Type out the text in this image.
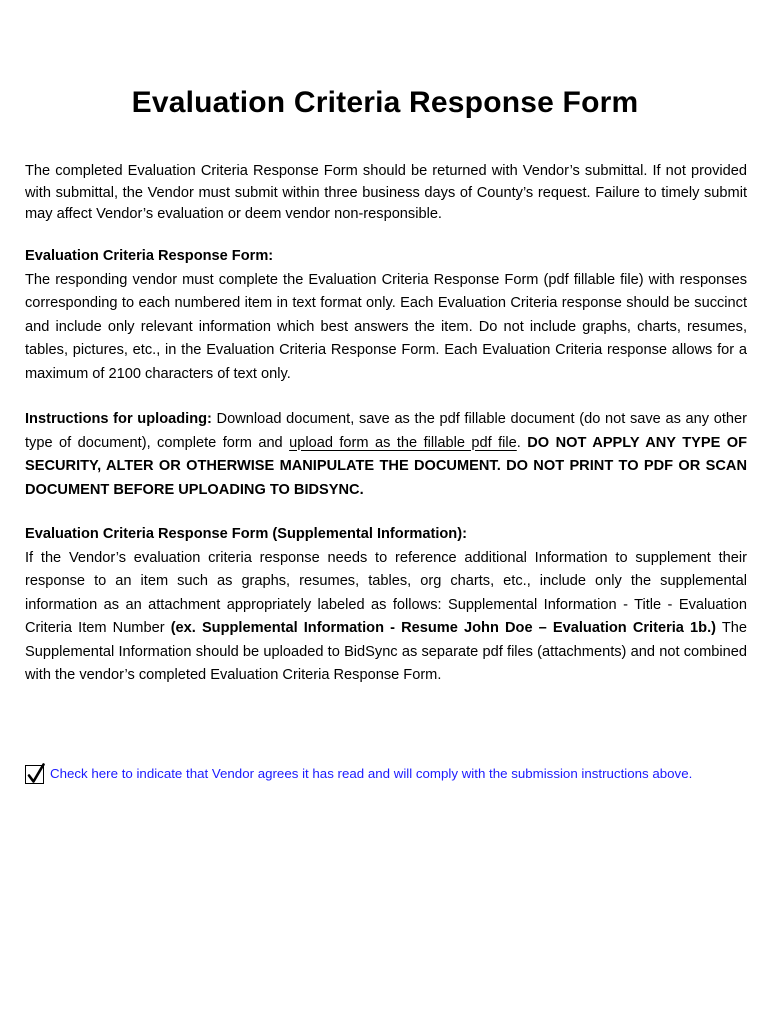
Evaluation Criteria Response Form
The completed Evaluation Criteria Response Form should be returned with Vendor’s submittal. If not provided with submittal, the Vendor must submit within three business days of County’s request. Failure to timely submit may affect Vendor’s evaluation or deem vendor non-responsible.

Evaluation Criteria Response Form:

The responding vendor must complete the Evaluation Criteria Response Form (pdf fillable file) with responses corresponding to each numbered item in text format only. Each Evaluation Criteria response should be succinct and include only relevant information which best answers the item. Do not include graphs, charts, resumes, tables, pictures, etc., in the Evaluation Criteria Response Form. Each Evaluation Criteria response allows for a maximum of 2100 characters of text only.

Instructions for uploading: Download document, save as the pdf fillable document (do not save as any other type of document), complete form and upload form as the fillable pdf file. DO NOT APPLY ANY TYPE OF SECURITY, ALTER OR OTHERWISE MANIPULATE THE DOCUMENT. DO NOT PRINT TO PDF OR SCAN DOCUMENT BEFORE UPLOADING TO BIDSYNC.

Evaluation Criteria Response Form (Supplemental Information):

If the Vendor’s evaluation criteria response needs to reference additional Information to supplement their response to an item such as graphs, resumes, tables, org charts, etc., include only the supplemental information as an attachment appropriately labeled as follows: Supplemental Information - Title - Evaluation Criteria Item Number (ex. Supplemental Information - Resume John Doe – Evaluation Criteria 1b.) The Supplemental Information should be uploaded to BidSync as separate pdf files (attachments) and not combined with the vendor’s completed Evaluation Criteria Response Form.

Check here to indicate that Vendor agrees it has read and will comply with the submission instructions above.
